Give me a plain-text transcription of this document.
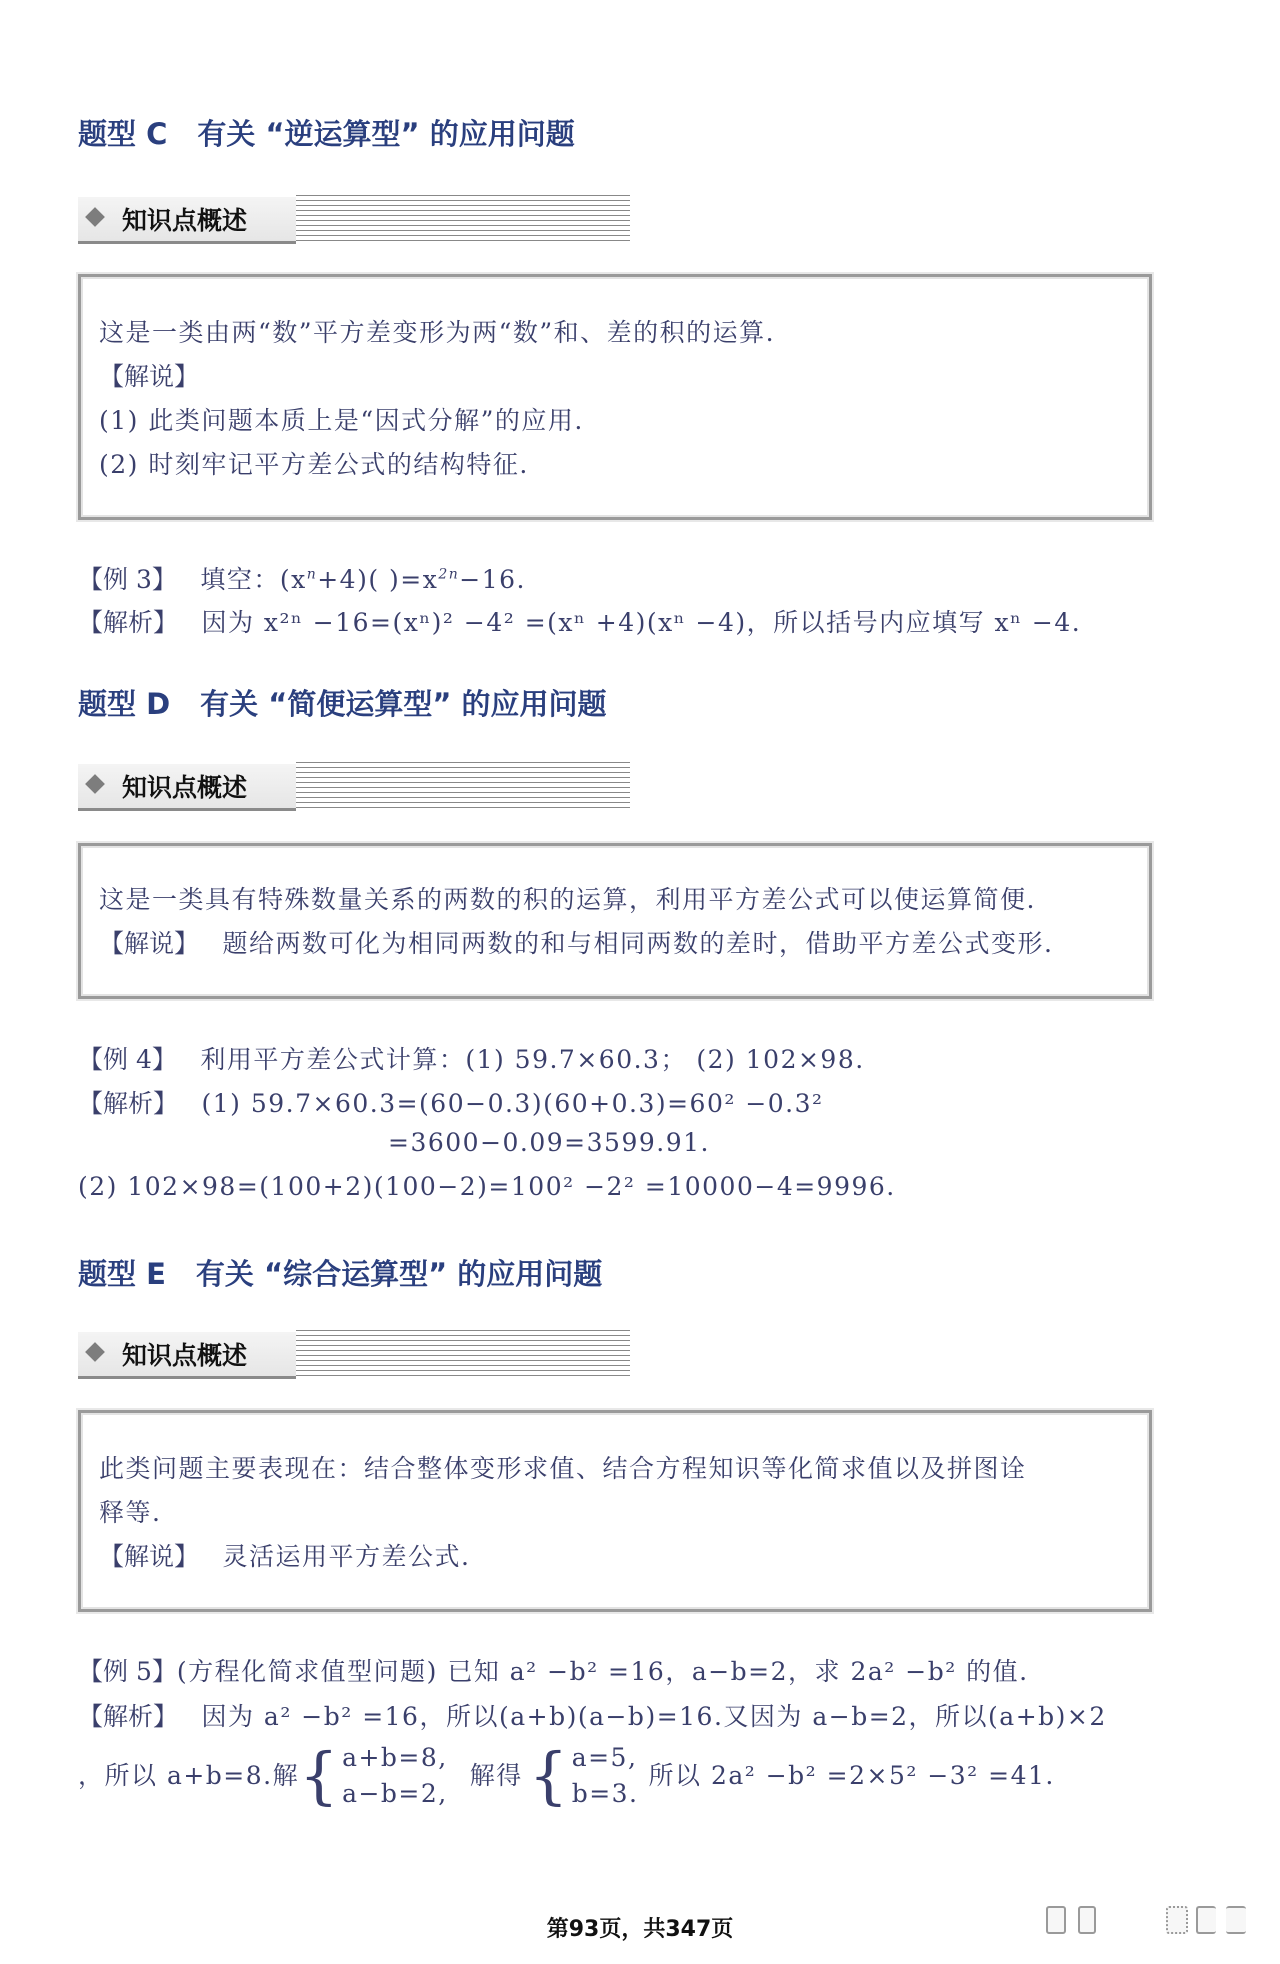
题型 C 有关 “逆运算型” 的应用问题
知识点概述
这是一类由两“数”平方差变形为两“数”和、差的积的运算.
【解说】
(1) 此类问题本质上是“因式分解”的应用.
(2) 时刻牢记平方差公式的结构特征.
【例 3】 填空：$(x^n+4)$( )$=x^{2n}-16$.
【解析】 因为 x²ⁿ −16=(xⁿ)² −4² =(xⁿ +4)(xⁿ −4)，所以括号内应填写 xⁿ −4.
题型 D 有关 “简便运算型” 的应用问题
知识点概述
这是一类具有特殊数量关系的两数的积的运算，利用平方差公式可以使运算简便.
【解说】 题给两数可化为相同两数的和与相同两数的差时，借助平方差公式变形.
【例 4】 利用平方差公式计算：(1) 59.7×60.3； (2) 102×98.
【解析】 (1) 59.7×60.3=(60−0.3)(60+0.3)=60² −0.3²
=3600−0.09=3599.91.
(2) 102×98=(100+2)(100−2)=100² −2² =10000−4=9996.
题型 E 有关 “综合运算型” 的应用问题
知识点概述
此类问题主要表现在：结合整体变形求值、结合方程知识等化简求值以及拼图诠
释等.
【解说】 灵活运用平方差公式.
【例 5】(方程化简求值型问题) 已知 a² −b² =16，a−b=2，求 2a² −b² 的值.
【解析】 因为 a² −b² =16，所以(a+b)(a−b)=16.又因为 a−b=2，所以(a+b)×2
，所以 a+b=8.解{ a+b=8,
a−b=2,
解得{ a=5,
b=3.
所以 2a² −b² =2×5² −3² =41.
第93页，共347页
